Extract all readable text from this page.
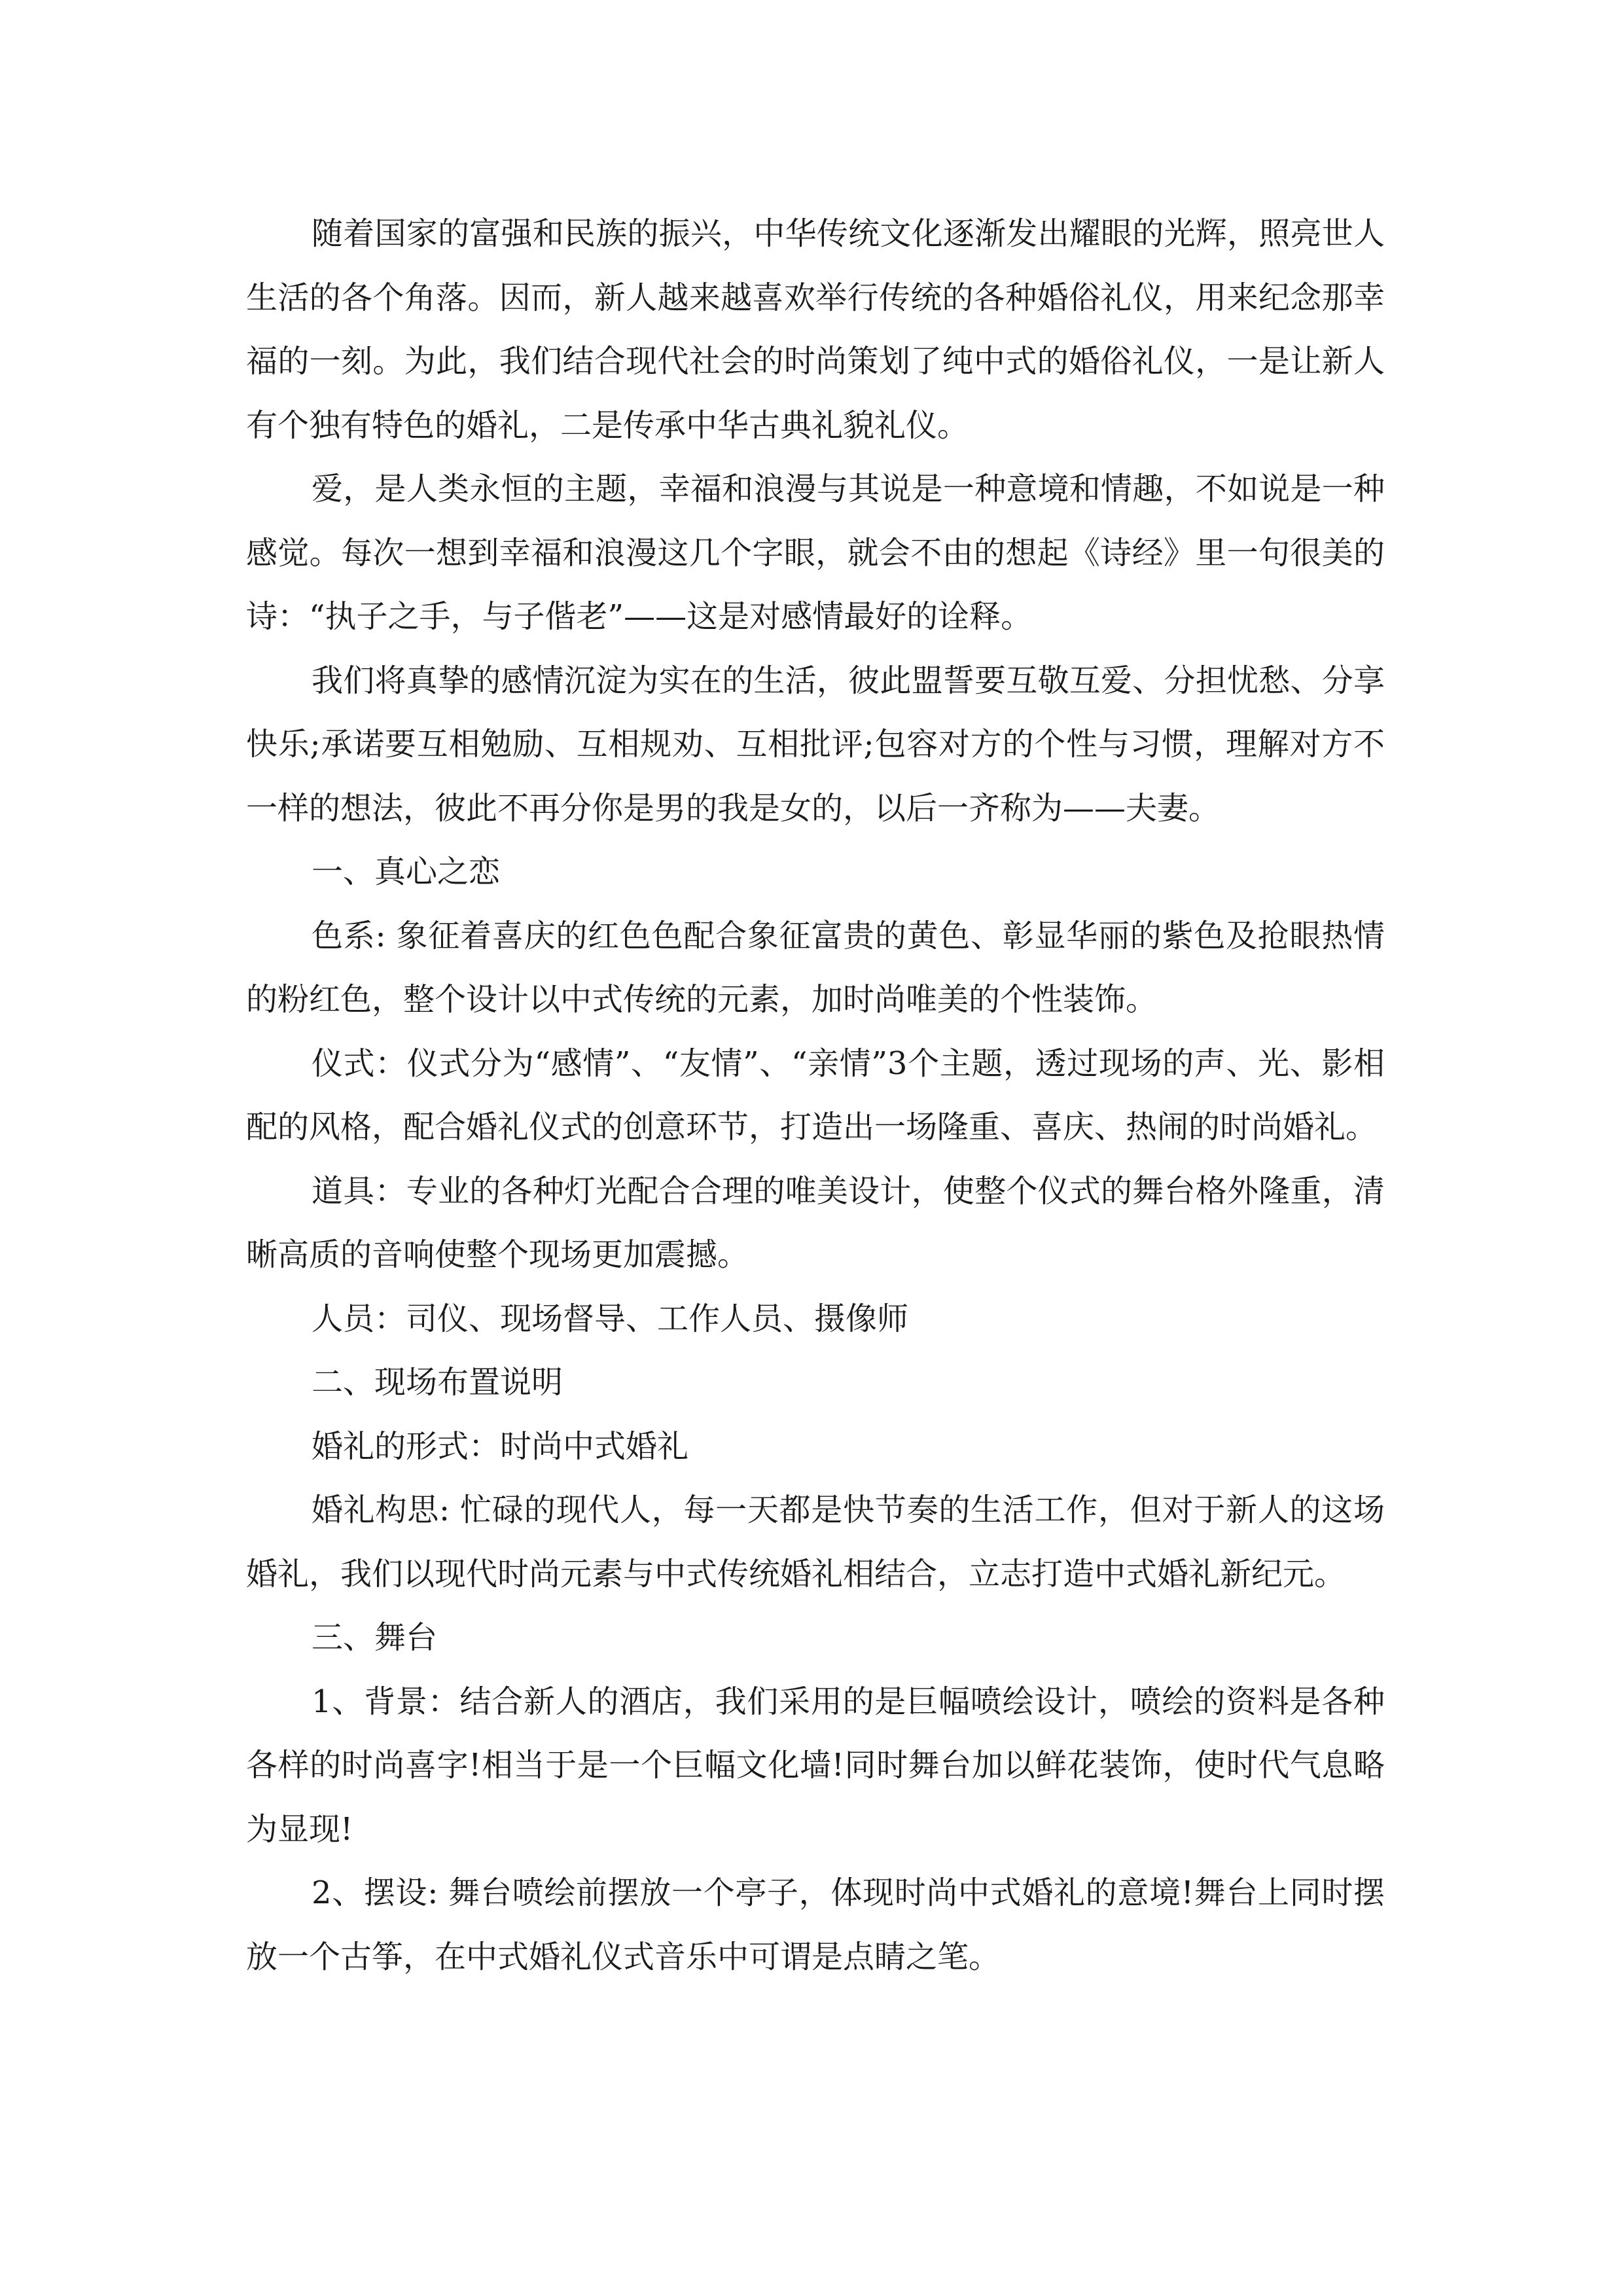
随着国家的富强和民族的振兴，中华传统文化逐渐发出耀眼的光辉，照亮世人生活的各个角落。因而，新人越来越喜欢举行传统的各种婚俗礼仪，用来纪念那幸福的一刻。为此，我们结合现代社会的时尚策划了纯中式的婚俗礼仪，一是让新人有个独有特色的婚礼，二是传承中华古典礼貌礼仪。

爱，是人类永恒的主题，幸福和浪漫与其说是一种意境和情趣，不如说是一种感觉。每次一想到幸福和浪漫这几个字眼，就会不由的想起《诗经》里一句很美的诗：“执子之手，与子偕老”——这是对感情最好的诠释。

我们将真挚的感情沉淀为实在的生活，彼此盟誓要互敬互爱、分担忧愁、分享快乐;承诺要互相勉励、互相规劝、互相批评;包容对方的个性与习惯，理解对方不一样的想法，彼此不再分你是男的我是女的，以后一齐称为——夫妻。

一、真心之恋

色系: 象征着喜庆的红色色配合象征富贵的黄色、彰显华丽的紫色及抢眼热情的粉红色，整个设计以中式传统的元素，加时尚唯美的个性装饰。

仪式：仪式分为“感情”、“友情”、“亲情”3个主题，透过现场的声、光、影相配的风格，配合婚礼仪式的创意环节，打造出一场隆重、喜庆、热闹的时尚婚礼。

道具：专业的各种灯光配合合理的唯美设计，使整个仪式的舞台格外隆重，清晰高质的音响使整个现场更加震撼。

人员：司仪、现场督导、工作人员、摄像师

二、现场布置说明

婚礼的形式：时尚中式婚礼

婚礼构思: 忙碌的现代人，每一天都是快节奏的生活工作，但对于新人的这场婚礼，我们以现代时尚元素与中式传统婚礼相结合，立志打造中式婚礼新纪元。

三、舞台

1、背景：结合新人的酒店，我们采用的是巨幅喷绘设计，喷绘的资料是各种各样的时尚喜字!相当于是一个巨幅文化墙!同时舞台加以鲜花装饰，使时代气息略为显现!

2、摆设: 舞台喷绘前摆放一个亭子，体现时尚中式婚礼的意境!舞台上同时摆放一个古筝，在中式婚礼仪式音乐中可谓是点睛之笔。
